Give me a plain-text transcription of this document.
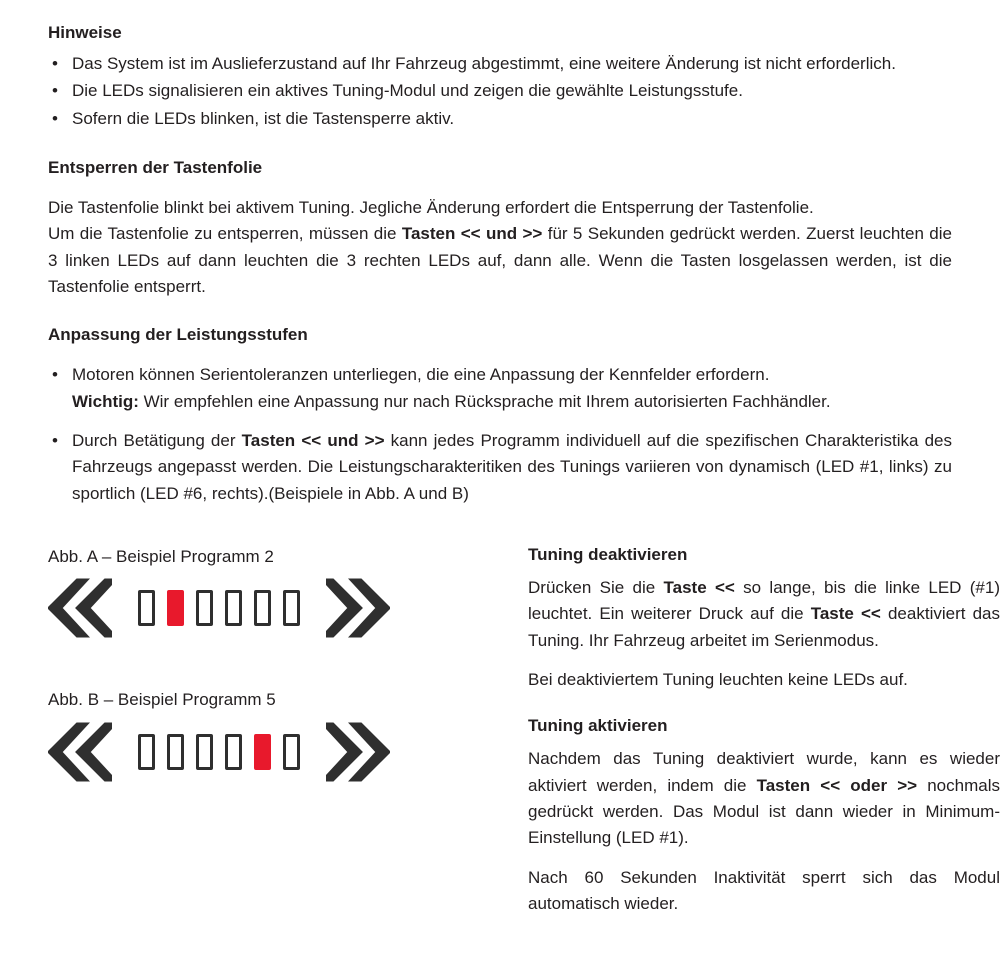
Hinweise
• Das System ist im Auslieferzustand auf Ihr Fahrzeug abgestimmt, eine weitere Änderung ist nicht erforderlich.
• Die LEDs signalisieren ein aktives Tuning-Modul und zeigen die gewählte Leistungsstufe.
• Sofern die LEDs blinken, ist die Tastensperre aktiv.
Entsperren der Tastenfolie

Die Tastenfolie blinkt bei aktivem Tuning. Jegliche Änderung erfordert die Entsperrung der Tastenfolie.

Um die Tastenfolie zu entsperren, müssen die Tasten << und >> für 5 Sekunden gedrückt werden. Zuerst leuchten die 3 linken LEDs auf dann leuchten die 3 rechten LEDs auf, dann alle. Wenn die Tasten losgelassen werden, ist die Tastenfolie entsperrt.

Anpassung der Leistungsstufen
• Motoren können Serientoleranzen unterliegen, die eine Anpassung der Kennfelder erfordern.
Wichtig: Wir empfehlen eine Anpassung nur nach Rücksprache mit Ihrem autorisierten Fachhändler.
• Durch Betätigung der Tasten << und >> kann jedes Programm individuell auf die spezifischen Charakteristika des Fahrzeugs angepasst werden. Die Leistungscharakteritiken des Tunings variieren von dynamisch (LED #1, links) zu sportlich (LED #6, rechts).(Beispiele in Abb. A und B)

Abb. A – Beispiel Programm 2

Abb. B – Beispiel Programm 5

Tuning deaktivieren

Drücken Sie die Taste << so lange, bis die linke LED (#1) leuchtet. Ein weiterer Druck auf die Taste << deaktiviert das Tuning. Ihr Fahrzeug arbeitet im Serienmodus.

Bei deaktiviertem Tuning leuchten keine LEDs auf.

Tuning aktivieren

Nachdem das Tuning deaktiviert wurde, kann es wieder aktiviert werden, indem die Tasten << oder >> nochmals gedrückt werden. Das Modul ist dann wieder in Minimum-Einstellung (LED #1).

Nach 60 Sekunden Inaktivität sperrt sich das Modul automatisch wieder.
